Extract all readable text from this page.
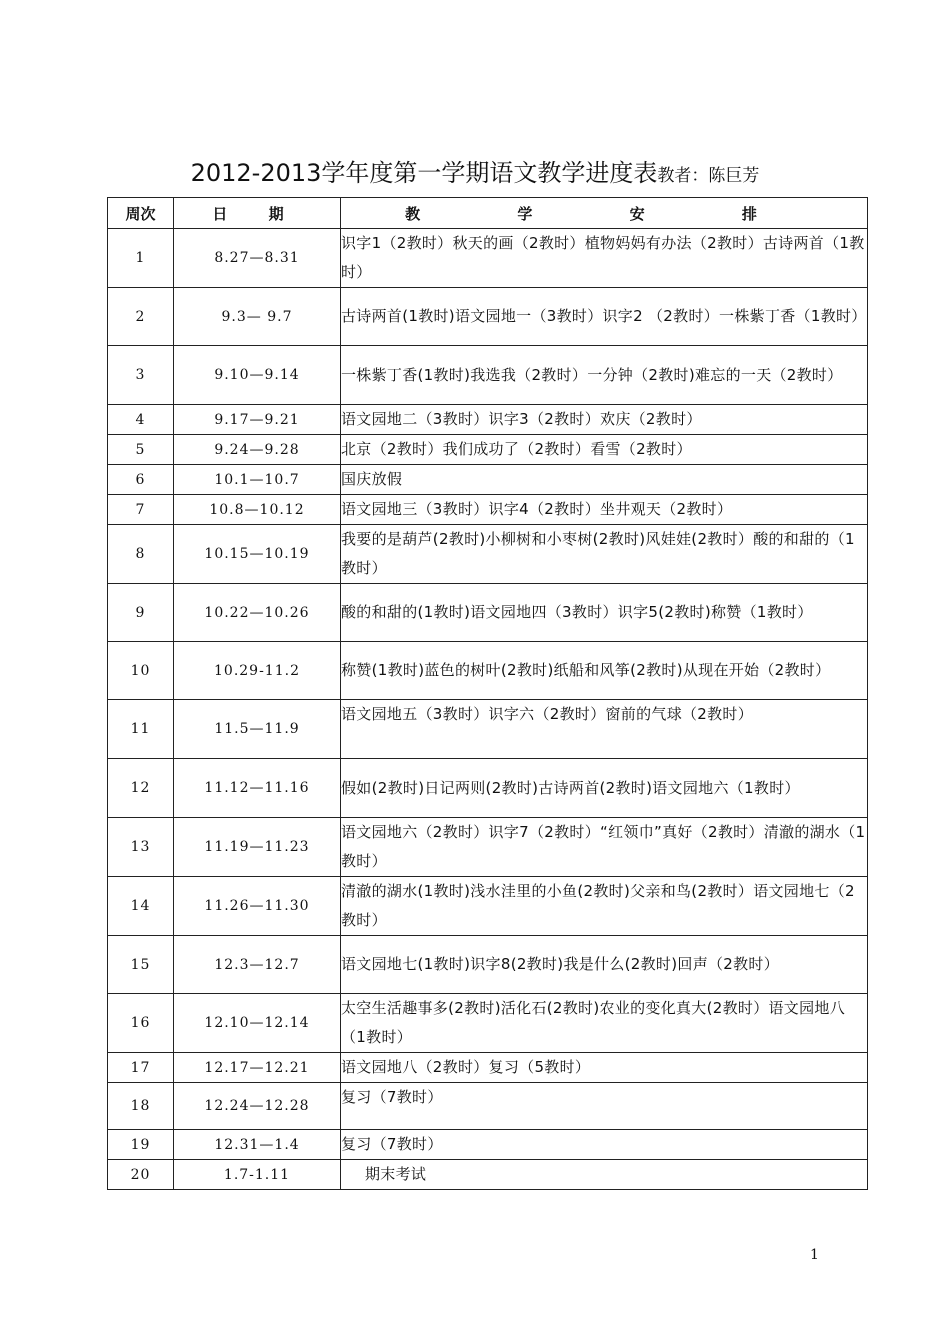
2012-2013学年度第一学期语文教学进度表教者：陈巨芳
周次	日 期	教 学 安 排
1	8.27—8.31	识字1（2教时）秋天的画（2教时）植物妈妈有办法（2教时）古诗两首（1教时）
2	9.3— 9.7	古诗两首(1教时)语文园地一（3教时）识字2 （2教时）一株紫丁香（1教时）
3	9.10—9.14	一株紫丁香(1教时)我选我（2教时）一分钟（2教时)难忘的一天（2教时）
4	9.17—9.21	语文园地二（3教时）识字3（2教时）欢庆（2教时）
5	9.24—9.28	北京（2教时）我们成功了（2教时）看雪（2教时）
6	10.1—10.7	国庆放假
7	10.8—10.12	语文园地三（3教时）识字4（2教时）坐井观天（2教时）
8	10.15—10.19	我要的是葫芦(2教时)小柳树和小枣树(2教时)风娃娃(2教时）酸的和甜的（1教时）
9	10.22—10.26	酸的和甜的(1教时)语文园地四（3教时）识字5(2教时)称赞（1教时）
10	10.29-11.2	称赞(1教时)蓝色的树叶(2教时)纸船和风筝(2教时)从现在开始（2教时）
11	11.5—11.9	语文园地五（3教时）识字六（2教时）窗前的气球（2教时）
12	11.12—11.16	假如(2教时)日记两则(2教时)古诗两首(2教时)语文园地六（1教时）
13	11.19—11.23	语文园地六（2教时）识字7（2教时）“红领巾”真好（2教时）清澈的湖水（1教时）
14	11.26—11.30	清澈的湖水(1教时)浅水洼里的小鱼(2教时)父亲和鸟(2教时）语文园地七（2教时）
15	12.3—12.7	语文园地七(1教时)识字8(2教时)我是什么(2教时)回声（2教时）
16	12.10—12.14	太空生活趣事多(2教时)活化石(2教时)农业的变化真大(2教时）语文园地八（1教时）
17	12.17—12.21	语文园地八（2教时）复习（5教时）
18	12.24—12.28	复习（7教时）
19	12.31—1.4	复习（7教时）
20	1.7-1.11	期末考试
1
